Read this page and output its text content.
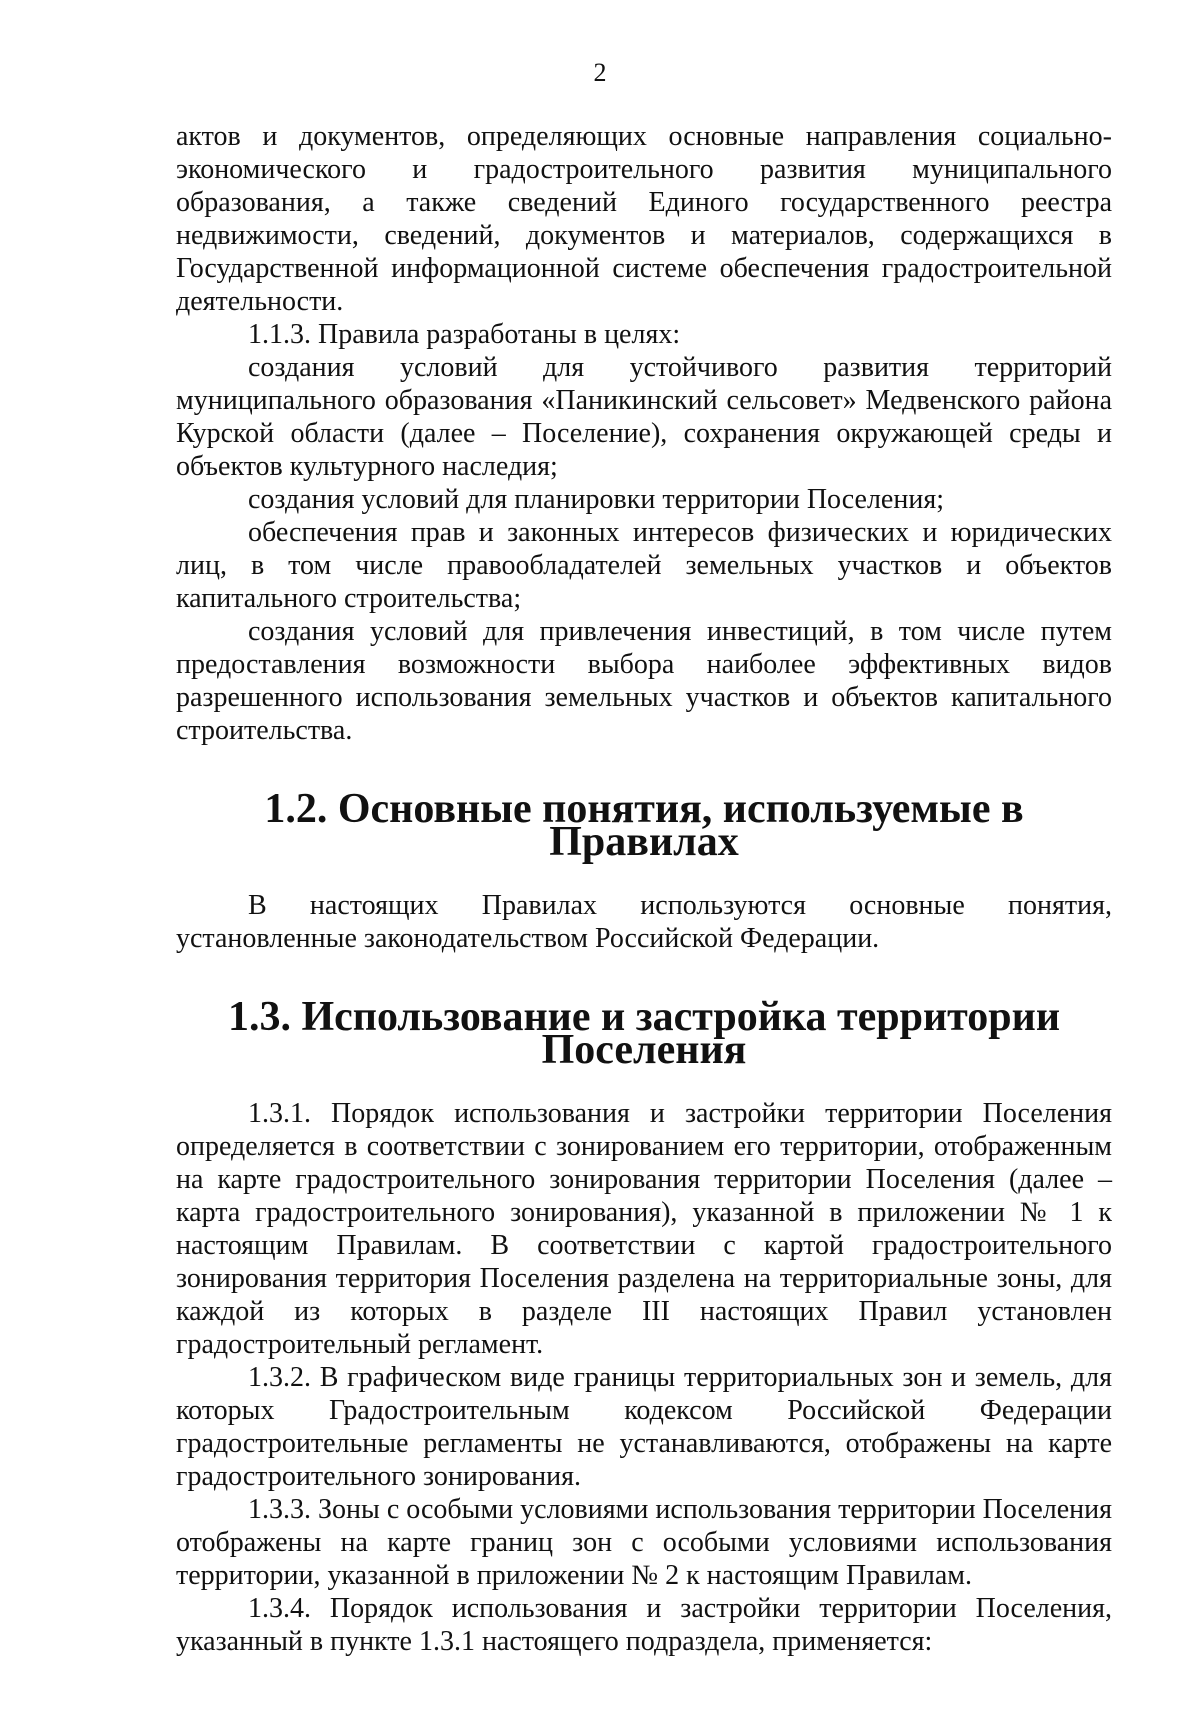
2

актов и документов, определяющих основные направления социально-экономического и градостроительного развития муниципального образования, а также сведений Единого государственного реестра недвижимости, сведений, документов и материалов, содержащихся в Государственной информационной системе обеспечения градостроительной деятельности.

1.1.3. Правила разработаны в целях:

создания условий для устойчивого развития территорий муниципального образования «Паникинский сельсовет» Медвенского района Курской области (далее – Поселение), сохранения окружающей среды и объектов культурного наследия;

создания условий для планировки территории Поселения;

обеспечения прав и законных интересов физических и юридических лиц, в том числе правообладателей земельных участков и объектов капитального строительства;

создания условий для привлечения инвестиций, в том числе путем предоставления возможности выбора наиболее эффективных видов разрешенного использования земельных участков и объектов капитального строительства.

1.2. Основные понятия, используемые в Правилах

В настоящих Правилах используются основные понятия, установленные законодательством Российской Федерации.

1.3. Использование и застройка территории Поселения

1.3.1. Порядок использования и застройки территории Поселения определяется в соответствии с зонированием его территории, отображенным на карте градостроительного зонирования территории Поселения (далее – карта градостроительного зонирования), указанной в приложении № 1 к настоящим Правилам. В соответствии с картой градостроительного зонирования территория Поселения разделена на территориальные зоны, для каждой из которых в разделе III настоящих Правил установлен градостроительный регламент.

1.3.2. В графическом виде границы территориальных зон и земель, для которых Градостроительным кодексом Российской Федерации градостроительные регламенты не устанавливаются, отображены на карте градостроительного зонирования.

1.3.3. Зоны с особыми условиями использования территории Поселения отображены на карте границ зон с особыми условиями использования территории, указанной в приложении № 2 к настоящим Правилам.

1.3.4. Порядок использования и застройки территории Поселения, указанный в пункте 1.3.1 настоящего подраздела, применяется:
